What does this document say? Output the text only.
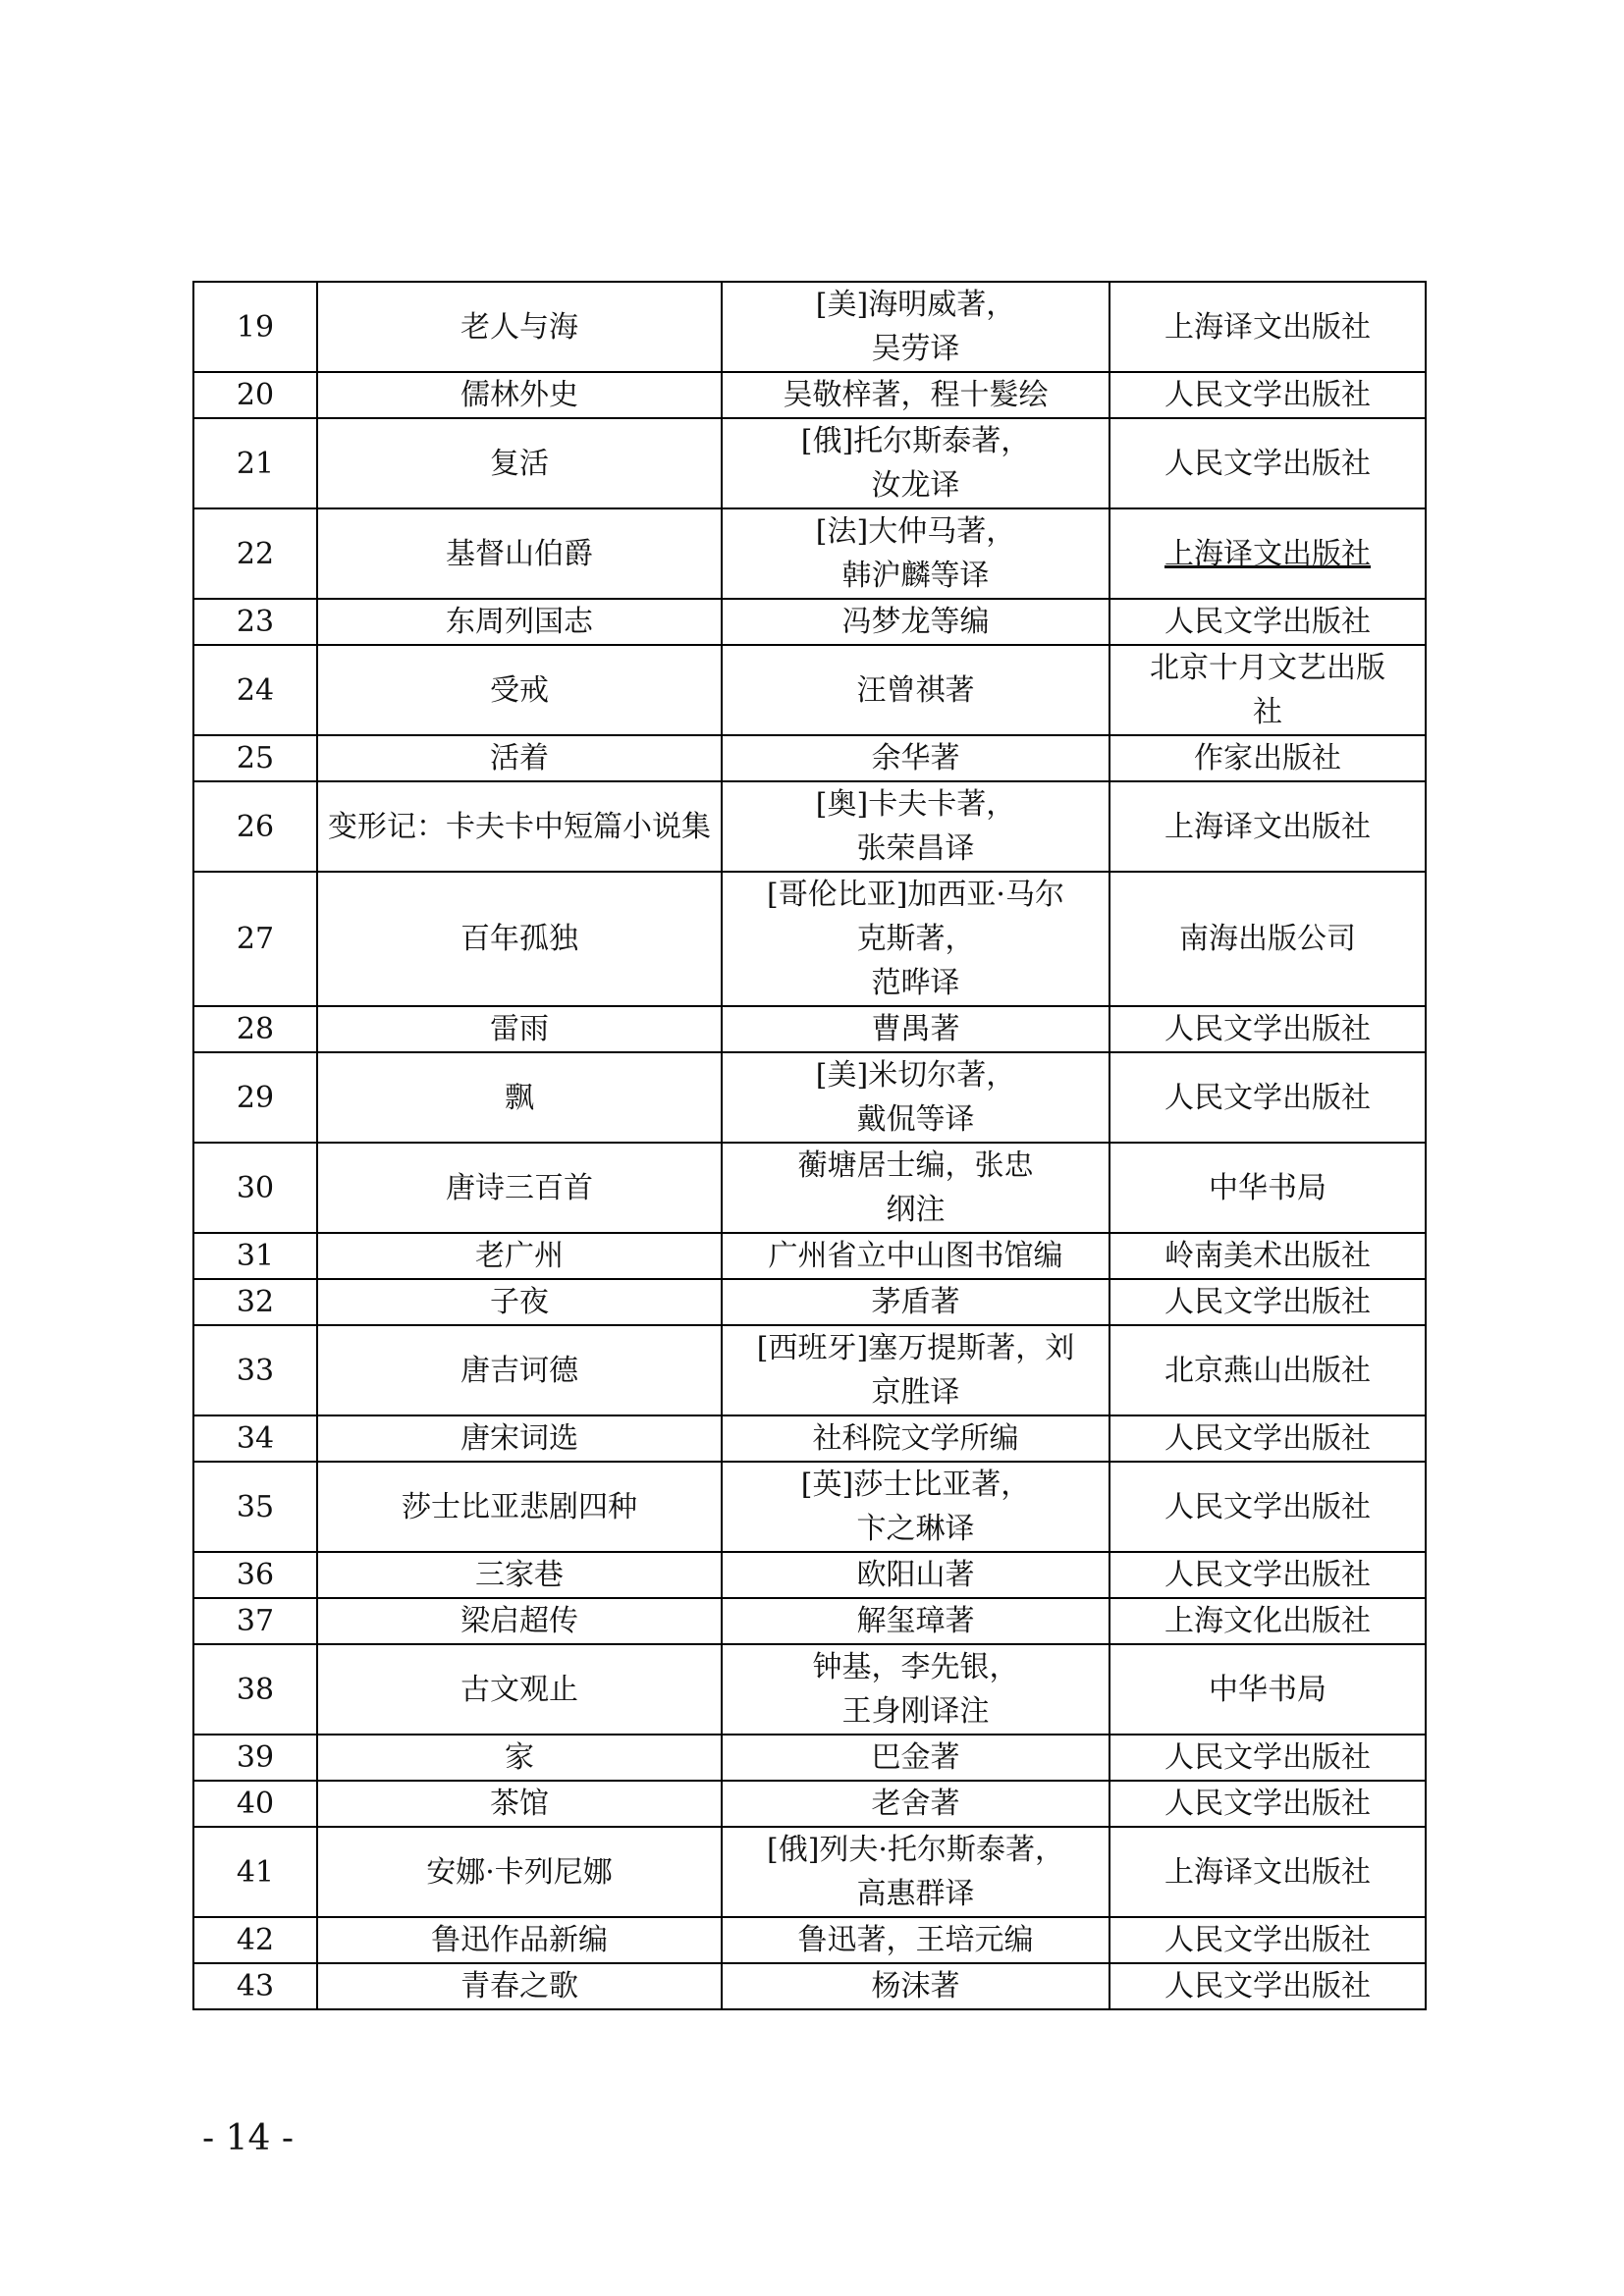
19	老人与海	[美]海明威著，
吴劳译	上海译文出版社

20	儒林外史	吴敬梓著，程十髮绘	人民文学出版社

21	复活	[俄]托尔斯泰著，
汝龙译	人民文学出版社

22	基督山伯爵	[法]大仲马著，
韩沪麟等译	上海译文出版社

23	东周列国志	冯梦龙等编	人民文学出版社

24	受戒	汪曾祺著	北京十月文艺出版
社

25	活着	余华著	作家出版社

26	变形记：卡夫卡中短篇小说集	[奥]卡夫卡著，
张荣昌译	上海译文出版社

27	百年孤独	[哥伦比亚]加西亚·马尔
克斯著，
范晔译	南海出版公司

28	雷雨	曹禺著	人民文学出版社

29	飘	[美]米切尔著，
戴侃等译	人民文学出版社

30	唐诗三百首	蘅塘居士编，张忠
纲注	中华书局

31	老广州	广州省立中山图书馆编	岭南美术出版社

32	子夜	茅盾著	人民文学出版社

33	唐吉诃德	[西班牙]塞万提斯著，刘
京胜译	北京燕山出版社

34	唐宋词选	社科院文学所编	人民文学出版社

35	莎士比亚悲剧四种	[英]莎士比亚著，
卞之琳译	人民文学出版社

36	三家巷	欧阳山著	人民文学出版社

37	梁启超传	解玺璋著	上海文化出版社

38	古文观止	钟基，李先银，
王身刚译注	中华书局

39	家	巴金著	人民文学出版社

40	茶馆	老舍著	人民文学出版社

41	安娜·卡列尼娜	[俄]列夫·托尔斯泰著，
高惠群译	上海译文出版社

42	鲁迅作品新编	鲁迅著，王培元编	人民文学出版社

43	青春之歌	杨沫著	人民文学出版社
- 14 -
